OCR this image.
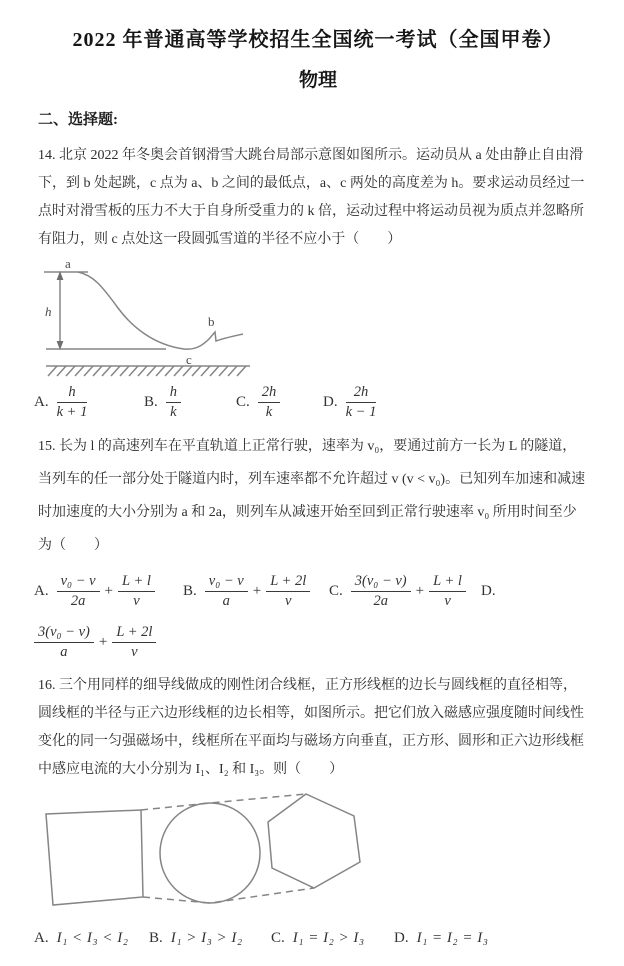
2022 年普通高等学校招生全国统一考试（全国甲卷）
物理
二、选择题:
14. 北京 2022 年冬奥会首钢滑雪大跳台局部示意图如图所示。运动员从 a 处由静止自由滑
下，到 b 处起跳，c 点为 a、b 之间的最低点，a、c 两处的高度差为 h。要求运动员经过一
点时对滑雪板的压力不大于自身所受重力的 k 倍，运动过程中将运动员视为质点并忽略所
有阻力，则 c 点处这一段圆弧雪道的半径不应小于（　　）
a
b
c
h
A. $\frac{h}{k + 1}$	B. $\frac{h}{k}$	C. $\frac{2h}{k}$	D. $\frac{2h}{k - 1}$
15. 长为 l 的高速列车在平直轨道上正常行驶，速率为 v₀，要通过前方一长为 L 的隧道，
当列车的任一部分处于隧道内时，列车速率都不允许超过 v (v < v₀)。已知列车加速和减速
时加速度的大小分别为 a 和 2a，则列车从减速开始至回到正常行驶速率 v₀ 所用时间至少
为（　　）
A. $\frac{\text{v₀ − v}}{2a} + \frac{L + l}{v} B$. $\frac{\text{v₀ − v}}{a} + \frac{L + 2l}{v} C$. $\frac{\text{3(v₀ − v)}}{2a} + \frac{L + l}{v} D$.
$\frac{\text{3(v₀ − v)}}{a} + \frac{L + 2l}{v}$
16. 三个用同样的细导线做成的刚性闭合线框，正方形线框的边长与圆线框的直径相等，
圆线框的半径与正六边形线框的边长相等，如图所示。把它们放入磁感应强度随时间线性
变化的同一匀强磁场中，线框所在平面均与磁场方向垂直，正方形、圆形和正六边形线框
中感应电流的大小分别为 I₁、I₂ 和 I₃。则（　　）
A. I₁ < I₃ < I₂ B. I₁ > I₃ > I₂ C. I₁ = I₂ > I₃ D. I₁ = I₂ = I₃
